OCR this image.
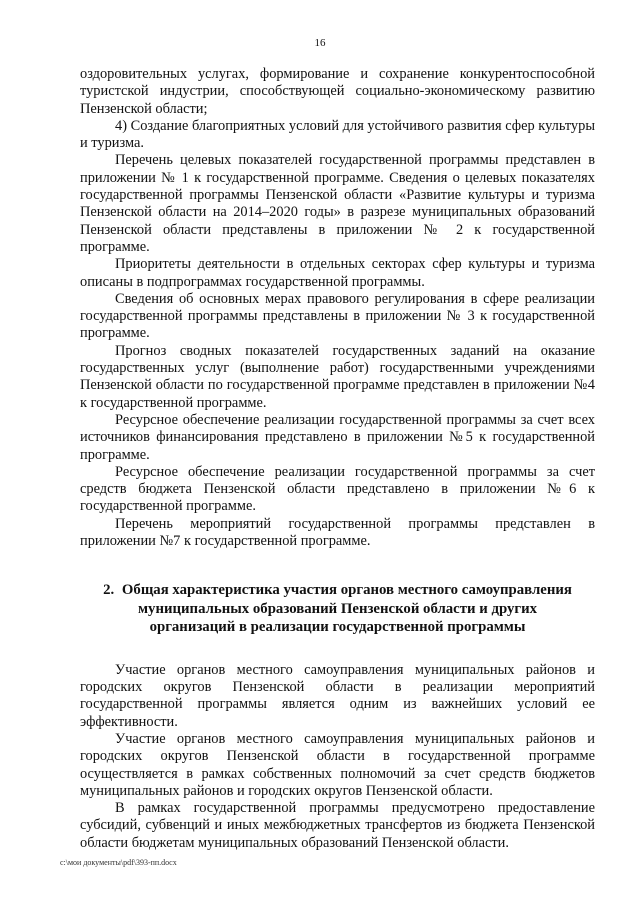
16

оздоровительных услугах, формирование и сохранение конкурентоспособной туристской индустрии, способствующей социально-экономическому развитию Пензенской области;

4) Создание благоприятных условий для устойчивого развития сфер культуры и туризма.

Перечень целевых показателей государственной программы представлен в приложении № 1 к государственной программе. Сведения о целевых показателях государственной программы Пензенской области «Развитие культуры и туризма Пензенской области на 2014–2020 годы» в разрезе муниципальных образований Пензенской области представлены в приложении № 2 к государственной программе.

Приоритеты деятельности в отдельных секторах сфер культуры и туризма описаны в подпрограммах государственной программы.

Сведения об основных мерах правового регулирования в сфере реализации государственной программы представлены в приложении № 3 к государственной программе.

Прогноз сводных показателей государственных заданий на оказание государственных услуг (выполнение работ) государственными учреждениями Пензенской области по государственной программе представлен в приложении №4 к государственной программе.

Ресурсное обеспечение реализации государственной программы за счет всех источников финансирования представлено в приложении №5 к государственной программе.

Ресурсное обеспечение реализации государственной программы за счет средств бюджета Пензенской области представлено в приложении №6 к государственной программе.

Перечень мероприятий государственной программы представлен в приложении №7 к государственной программе.

2. Общая характеристика участия органов местного самоуправления
муниципальных образований Пензенской области и других
организаций в реализации государственной программы

Участие органов местного самоуправления муниципальных районов и городских округов Пензенской области в реализации мероприятий государственной программы является одним из важнейших условий ее эффективности.

Участие органов местного самоуправления муниципальных районов и городских округов Пензенской области в государственной программе осуществляется в рамках собственных полномочий за счет средств бюджетов муниципальных районов и городских округов Пензенской области.

В рамках государственной программы предусмотрено предоставление субсидий, субвенций и иных межбюджетных трансфертов из бюджета Пензенской области бюджетам муниципальных образований Пензенской области.

c:\мои документы\pdf\393-пп.docx
